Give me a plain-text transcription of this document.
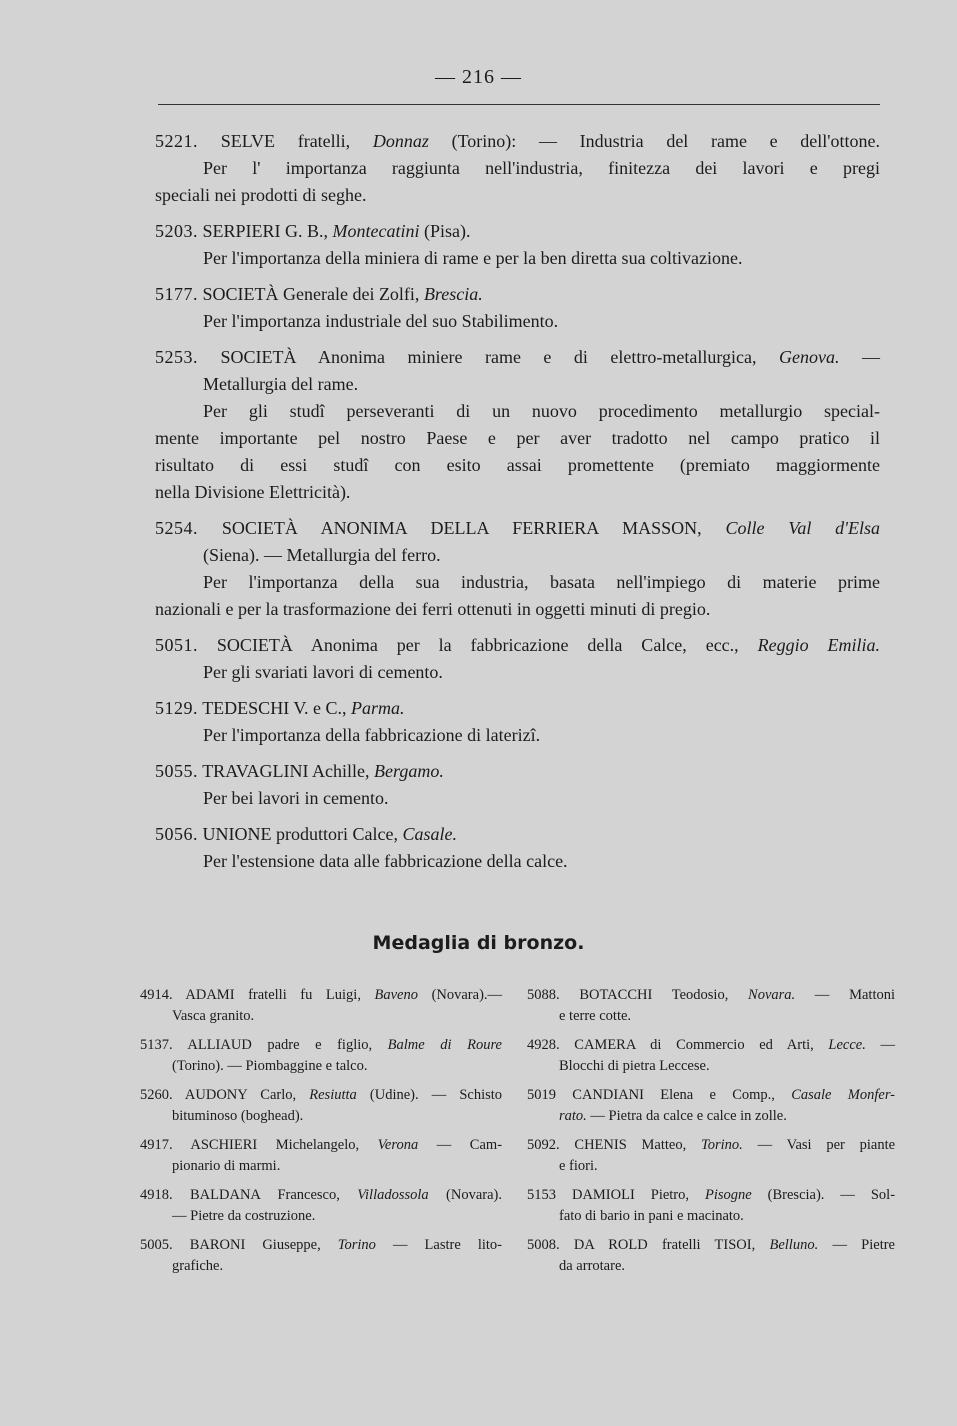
— 216 —
5221. SELVE fratelli, Donnaz (Torino): — Industria del rame e dell'ottone.
Per l' importanza raggiunta nell'industria, finitezza dei lavori e pregi
speciali nei prodotti di seghe.
5203. SERPIERI G. B., Montecatini (Pisa).
Per l'importanza della miniera di rame e per la ben diretta sua coltivazione.
5177. SOCIETÀ Generale dei Zolfi, Brescia.
Per l'importanza industriale del suo Stabilimento.
5253. SOCIETÀ Anonima miniere rame e di elettro-metallurgica, Genova. —
Metallurgia del rame.
Per gli studî perseveranti di un nuovo procedimento metallurgio special-
mente importante pel nostro Paese e per aver tradotto nel campo pratico il
risultato di essi studî con esito assai promettente (premiato maggiormente
nella Divisione Elettricità).
5254. SOCIETÀ ANONIMA DELLA FERRIERA MASSON, Colle Val d'Elsa
(Siena). — Metallurgia del ferro.
Per l'importanza della sua industria, basata nell'impiego di materie prime
nazionali e per la trasformazione dei ferri ottenuti in oggetti minuti di pregio.
5051. SOCIETÀ Anonima per la fabbricazione della Calce, ecc., Reggio Emilia.
Per gli svariati lavori di cemento.
5129. TEDESCHI V. e C., Parma.
Per l'importanza della fabbricazione di laterizî.
5055. TRAVAGLINI Achille, Bergamo.
Per bei lavori in cemento.
5056. UNIONE produttori Calce, Casale.
Per l'estensione data alle fabbricazione della calce.
Medaglia di bronzo.
4914. ADAMI fratelli fu Luigi, Baveno (Novara).—
Vasca granito.
5137. ALLIAUD padre e figlio, Balme di Roure
(Torino). — Piombaggine e talco.
5260. AUDONY Carlo, Resiutta (Udine). — Schisto
bituminoso (boghead).
4917. ASCHIERI Michelangelo, Verona — Cam-
pionario di marmi.
4918. BALDANA Francesco, Villadossola (Novara).
— Pietre da costruzione.
5005. BARONI Giuseppe, Torino — Lastre lito-
grafiche.
5088. BOTACCHI Teodosio, Novara. — Mattoni
e terre cotte.
4928. CAMERA di Commercio ed Arti, Lecce. —
Blocchi di pietra Leccese.
5019 CANDIANI Elena e Comp., Casale Monfer-
rato. — Pietra da calce e calce in zolle.
5092. CHENIS Matteo, Torino. — Vasi per piante
e fiori.
5153 DAMIOLI Pietro, Pisogne (Brescia). — Sol-
fato di bario in pani e macinato.
5008. DA ROLD fratelli TISOI, Belluno. — Pietre
da arrotare.
